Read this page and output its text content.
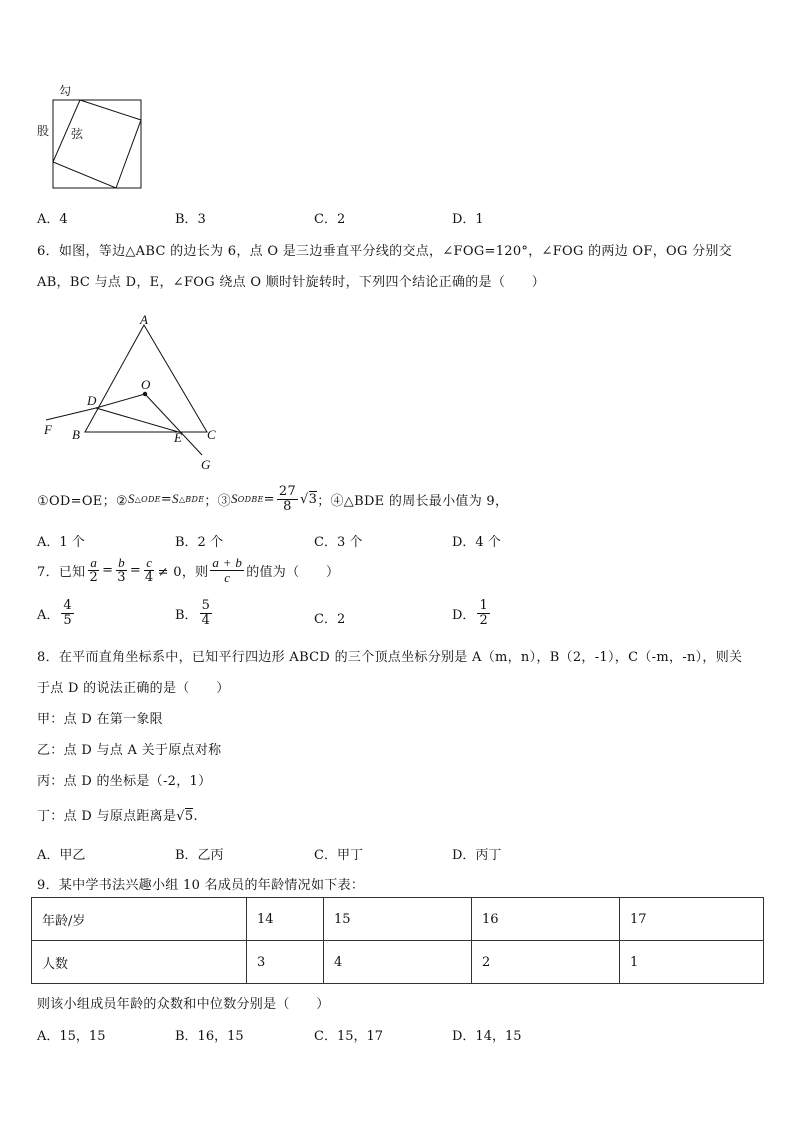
勾
股 弦
A．4	B．3	C．2	D．1
6．如图，等边△ABC 的边长为 6，点 O 是三边垂直平分线的交点，∠FOG=120°，∠FOG 的两边 OF，OG 分别交
AB，BC 与点 D，E，∠FOG 绕点 O 顺时针旋转时，下列四个结论正确的是（　　）
A
O
D
F B	E C
G
①OD=OE；② S △ODE = S △BDE ；③ S ODBE = $\frac{27}{8}$ √ 3 ；④△BDE 的周长最小值为 9，
A．1 个	B．2 个	C．3 个	D．4 个
7．已知 $\frac{a}{2} = \frac{b}{3} = \frac{c}{4} \ne 0$，则 $\frac{a + b}{c}$ 的值为（　　）
A． $\frac{4}{5}$	B． $\frac{5}{4}$	C．2	D． $\frac{1}{2}$
8．在平而直角坐标系中，已知平行四边形 ABCD 的三个顶点坐标分别是 A（m，n），B（2，-1），C（-m，-n），则关
于点 D 的说法正确的是（　　）
甲：点 D 在第一象限
乙：点 D 与点 A 关于原点对称
丙：点 D 的坐标是（-2，1）
丁：点 D 与原点距离是√5.
A．甲乙	B．乙丙	C．甲丁	D．丙丁
9．某中学书法兴趣小组 10 名成员的年龄情况如下表：
年龄/岁	14	15	16	17
人数	3	4	2	1
则该小组成员年龄的众数和中位数分别是（　　）
A．15，15	B．16，15	C．15，17	D．14，15
